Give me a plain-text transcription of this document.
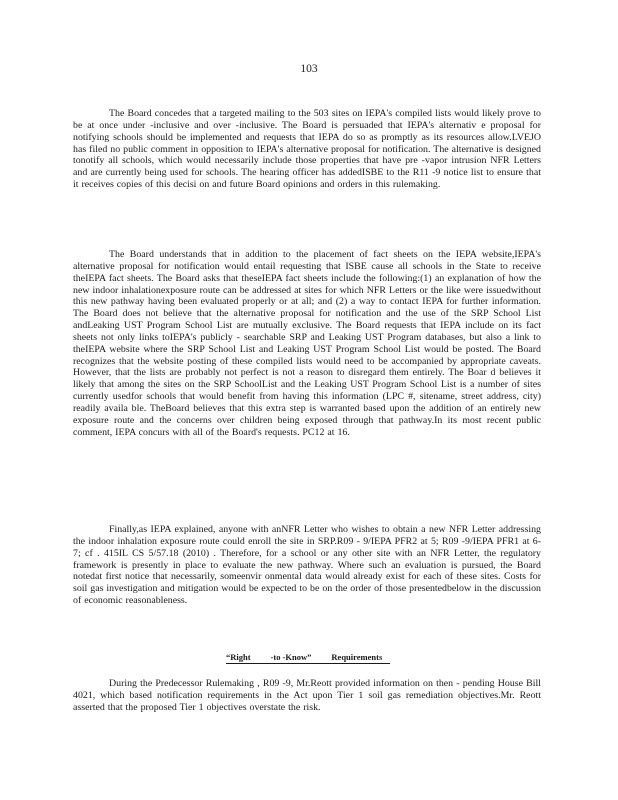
103

The Board concedes that a targeted mailing to the 503 sites on IEPA's compiled lists would likely prove to be at once under -inclusive and over -inclusive. The Board is persuaded that IEPA's alternativ e proposal for notifying schools should be implemented and requests that IEPA do so as promptly as its resources allow.LVEJO has filed no public comment in opposition to IEPA's alternative proposal for notification. The alternative is designed tonotify all schools, which would necessarily include those properties that have pre -vapor intrusion NFR Letters and are currently being used for schools. The hearing officer has addedISBE to the R11 -9 notice list to ensure that it receives copies of this decisi on and future Board opinions and orders in this rulemaking.

The Board understands that in addition to the placement of fact sheets on the IEPA website,IEPA's alternative proposal for notification would entail requesting that ISBE cause all schools in the State to receive theIEPA fact sheets. The Board asks that theseIEPA fact sheets include the following:(1) an explanation of how the new indoor inhalationexposure route can be addressed at sites for which NFR Letters or the like were issuedwithout this new pathway having been evaluated properly or at all; and (2) a way to contact IEPA for further information. The Board does not believe that the alternative proposal for notification and the use of the SRP School List andLeaking UST Program School List are mutually exclusive. The Board requests that IEPA include on its fact sheets not only links toIEPA's publicly - searchable SRP and Leaking UST Program databases, but also a link to theIEPA website where the SRP School List and Leaking UST Program School List would be posted. The Board recognizes that the website posting of these compiled lists would need to be accompanied by appropriate caveats. However, that the lists are probably not perfect is not a reason to disregard them entirely. The Boar d believes it likely that among the sites on the SRP SchoolList and the Leaking UST Program School List is a number of sites currently usedfor schools that would benefit from having this information (LPC #, sitename, street address, city) readily availa ble. TheBoard believes that this extra step is warranted based upon the addition of an entirely new exposure route and the concerns over children being exposed through that pathway.In its most recent public comment, IEPA concurs with all of the Board's requests. PC12 at 16.

Finally,as IEPA explained, anyone with anNFR Letter who wishes to obtain a new NFR Letter addressing the indoor inhalation exposure route could enroll the site in SRP.R09 - 9/IEPA PFR2 at 5; R09 -9/IEPA PFR1 at 6-7; cf . 415IL CS 5/57.18 (2010) . Therefore, for a school or any other site with an NFR Letter, the regulatory framework is presently in place to evaluate the new pathway. Where such an evaluation is pursued, the Board notedat first notice that necessarily, someenvir onmental data would already exist for each of these sites. Costs for soil gas investigation and mitigation would be expected to be on the order of those presentedbelow in the discussion of economic reasonableness.

“Right -to -Know” Requirements

During the Predecessor Rulemaking , R09 -9, Mr.Reott provided information on then - pending House Bill 4021, which based notification requirements in the Act upon Tier 1 soil gas remediation objectives.Mr. Reott asserted that the proposed Tier 1 objectives overstate the risk.
